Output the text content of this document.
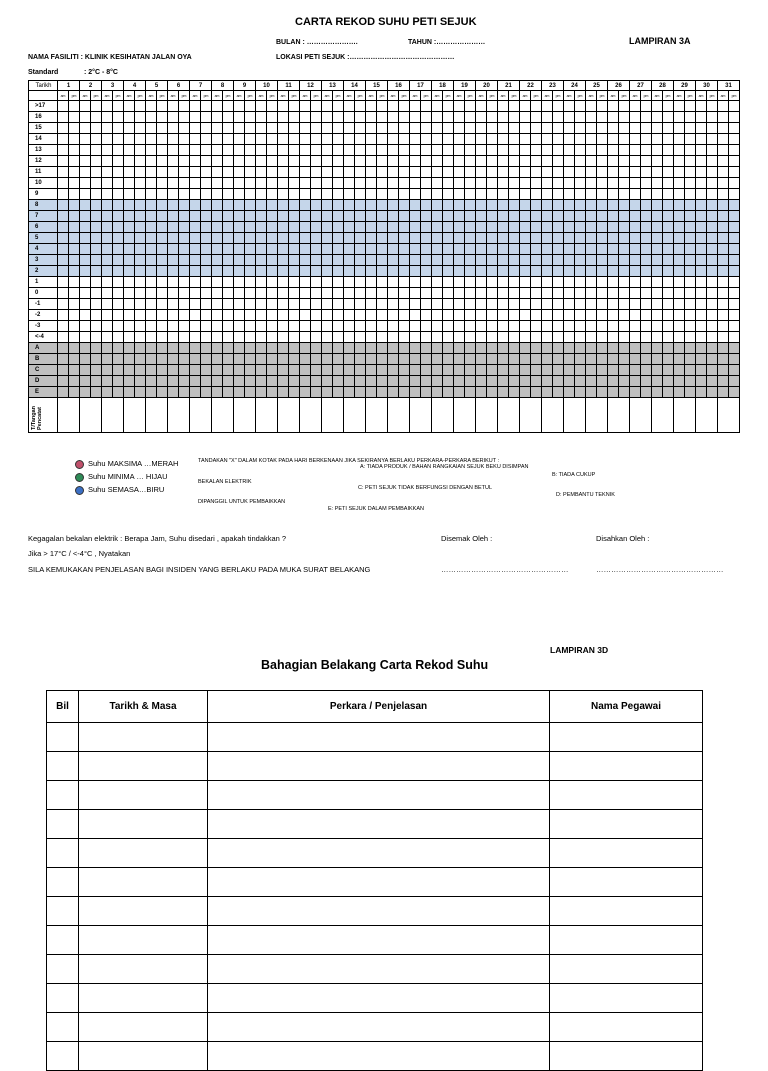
CARTA REKOD SUHU PETI SEJUK
BULAN : ………………….	TAHUN :…………………	LAMPIRAN 3A
NAMA FASILITI : KLINIK KESIHATAN JALAN OYA	LOKASI PETI SEJUK :………………………………………
Standard	: 2°C - 8°C
Tarikh	1		2		3		4		5		6		7		8		9		10		11		12		13		14		15		16		17		18		19		20		21		22		23		24		25		26		27		28		29		30		31	
	am	pm	am	pm	am	pm	am	pm	am	pm	am	pm	am	pm	am	pm	am	pm	am	pm	am	pm	am	pm	am	pm	am	pm	am	pm	am	pm	am	pm	am	pm	am	pm	am	pm	am	pm	am	pm	am	pm	am	pm	am	pm	am	pm	am	pm	am	pm	am	pm	am	pm	am	pm
>17																																																														
16																																																														
15																																																														
14																																																														
13																																																														
12																																																														
11																																																														
10																																																														
9																																																														
8																																																														
7																																																														
6																																																														
5																																																														
4																																																														
3																																																														
2																																																														
1																																																														
0																																																														
-1																																																														
-2																																																														
-3																																																														
<-4																																																														
A																																																														
B																																																														
C																																																														
D																																																														
E																																																														

T/Tangan Pencatat																																																														

Suhu MAKSIMA …MERAH
Suhu MINIMA … HIJAU
Suhu SEMASA…BIRU
TANDAKAN "X" DALAM KOTAK PADA HARI BERKENAAN JIKA SEKIRANYA BERLAKU PERKARA-PERKARA BERIKUT :
A: TIADA PRODUK / BAHAN RANGKAIAN SEJUK BEKU DISIMPAN
B: TIADA CUKUP
BEKALAN ELEKTRIK
C: PETI SEJUK TIDAK BERFUNGSI DENGAN BETUL
D: PEMBANTU TEKNIK
DIPANGGIL UNTUK PEMBAIKKAN
E: PETI SEJUK DALAM PEMBAIKKAN
Kegagalan bekalan elektrik : Berapa Jam, Suhu disedari , apakah tindakkan ?
Jika > 17°C / <-4°C , Nyatakan
SILA KEMUKAKAN PENJELASAN BAGI INSIDEN YANG BERLAKU PADA MUKA SURAT BELAKANG
Disemak Oleh :	Disahkan Oleh :
……………………………………………	……………………………………………
LAMPIRAN 3D
Bahagian Belakang Carta Rekod Suhu
Bil	Tarikh & Masa	Perkara / Penjelasan	Nama Pegawai
